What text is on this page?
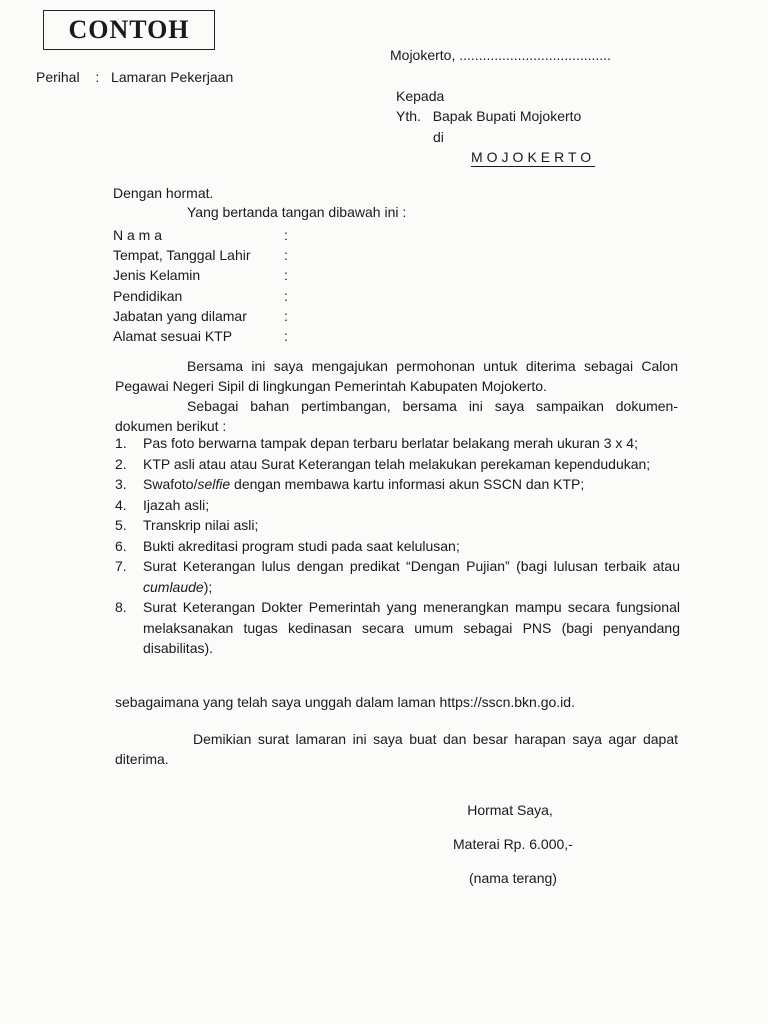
CONTOH
Mojokerto, .......................................
Perihal : Lamaran Pekerjaan
Kepada
Yth. Bapak Bupati Mojokerto
di
MOJOKERTO
Dengan hormat.
Yang bertanda tangan dibawah ini :
N a m a	:
Tempat, Tanggal Lahir :
Jenis Kelamin	:
Pendidikan	:
Jabatan yang dilamar	:
Alamat sesuai KTP	:
Bersama ini saya mengajukan permohonan untuk diterima sebagai Calon Pegawai Negeri Sipil di lingkungan Pemerintah Kabupaten Mojokerto.
Sebagai bahan pertimbangan, bersama ini saya sampaikan dokumen-dokumen berikut :
1. Pas foto berwarna tampak depan terbaru berlatar belakang merah ukuran 3 x 4;
2. KTP asli atau atau Surat Keterangan telah melakukan perekaman kependudukan;
3. Swafoto/selfie dengan membawa kartu informasi akun SSCN dan KTP;
4. Ijazah asli;
5. Transkrip nilai asli;
6. Bukti akreditasi program studi pada saat kelulusan;
7. Surat Keterangan lulus dengan predikat “Dengan Pujian” (bagi lulusan terbaik atau cumlaude);
8. Surat Keterangan Dokter Pemerintah yang menerangkan mampu secara fungsional melaksanakan tugas kedinasan secara umum sebagai PNS (bagi penyandang disabilitas).
sebagaimana yang telah saya unggah dalam laman https://sscn.bkn.go.id.
Demikian surat lamaran ini saya buat dan besar harapan saya agar dapat diterima.
Hormat Saya,
Materai Rp. 6.000,-
(nama terang)
